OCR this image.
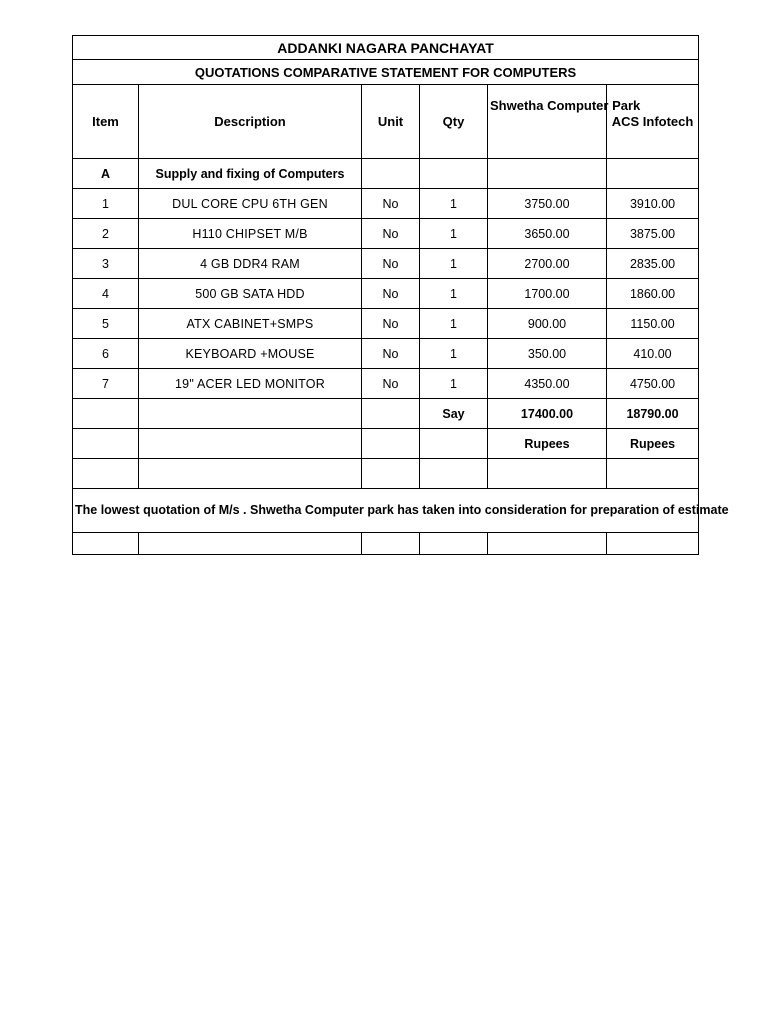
ADDANKI NAGARA PANCHAYAT					
QUOTATIONS COMPARATIVE STATEMENT FOR COMPUTERS					
Item	Description	Unit	Qty	Shwetha Computer Park	ACS Infotech
A	Supply and fixing of Computers				
1	DUL CORE CPU 6TH GEN	No	1	3750.00	3910.00
2	H110 CHIPSET M/B	No	1	3650.00	3875.00
3	4 GB DDR4 RAM	No	1	2700.00	2835.00
4	500 GB SATA HDD	No	1	1700.00	1860.00
5	ATX CABINET+SMPS	No	1	900.00	1150.00
6	KEYBOARD +MOUSE	No	1	350.00	410.00
7	19" ACER LED MONITOR	No	1	4350.00	4750.00
			Say	17400.00	18790.00
				Rupees	Rupees

The lowest quotation of M/s . Shwetha Computer park has taken into consideration for preparation of estimate					
